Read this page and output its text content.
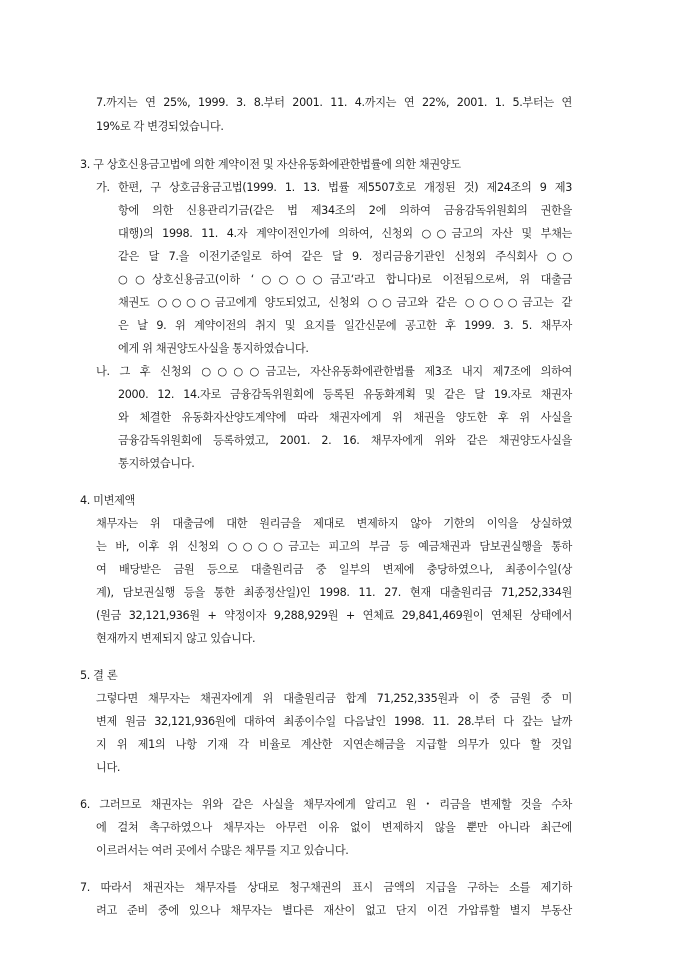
7.까지는 연 25%, 1999. 3. 8.부터 2001. 11. 4.까지는 연 22%, 2001. 1. 5.부터는 연
19%로 각 변경되었습니다.
3. 구 상호신용금고법에 의한 계약이전 및 자산유동화에관한법률에 의한 채권양도
가. 한편, 구 상호금융금고법(1999. 1. 13. 법률 제5507호로 개정된 것) 제24조의 9 제3
항에 의한 신용관리기금(같은 법 제34조의 2에 의하여 금융감독위원회의 권한을
대행)의 1998. 11. 4.자 계약이전인가에 의하여, 신청외 ○○금고의 자산 및 부채는
같은 달 7.을 이전기준일로 하여 같은 달 9. 정리금융기관인 신청외 주식회사 ○○
○○상호신용금고(이하 ‘○○○○금고‘라고 합니다)로 이전됨으로써, 위 대출금
채권도 ○○○○금고에게 양도되었고, 신청외 ○○금고와 같은 ○○○○금고는 같
은 날 9. 위 계약이전의 취지 및 요지를 일간신문에 공고한 후 1999. 3. 5. 채무자
에게 위 채권양도사실을 통지하였습니다.
나. 그 후 신청외 ○○○○금고는, 자산유동화에관한법률 제3조 내지 제7조에 의하여
2000. 12. 14.자로 금융감독위원회에 등록된 유동화계획 및 같은 달 19.자로 채권자
와 체결한 유동화자산양도계약에 따라 채권자에게 위 채권을 양도한 후 위 사실을
금융감독위원회에 등록하였고, 2001. 2. 16. 채무자에게 위와 같은 채권양도사실을
통지하였습니다.
4. 미변제액
채무자는 위 대출금에 대한 원리금을 제대로 변제하지 않아 기한의 이익을 상실하였
는 바, 이후 위 신청외 ○○○○금고는 피고의 부금 등 예금채권과 담보권실행을 통하
여 배당받은 금원 등으로 대출원리금 중 일부의 변제에 충당하였으나, 최종이수일(상
계), 담보권실행 등을 통한 최종정산일)인 1998. 11. 27. 현재 대출원리금 71,252,334원
(원금 32,121,936원 + 약정이자 9,288,929원 + 연체료 29,841,469원이 연체된 상태에서
현재까지 변제되지 않고 있습니다.
5. 결 론
그렇다면 채무자는 채권자에게 위 대출원리금 합계 71,252,335원과 이 중 금원 중 미
변제 원금 32,121,936원에 대하여 최종이수일 다음날인 1998. 11. 28.부터 다 갚는 날까
지 위 제1의 나항 기재 각 비율로 계산한 지연손해금을 지급할 의무가 있다 할 것입
니다.
6. 그러므로 채권자는 위와 같은 사실을 채무자에게 알리고 원・리금을 변제할 것을 수차
에 걸쳐 촉구하였으나 채무자는 아무런 이유 없이 변제하지 않을 뿐만 아니라 최근에
이르러서는 여러 곳에서 수많은 채무를 지고 있습니다.
7. 따라서 채권자는 채무자를 상대로 청구채권의 표시 금액의 지급을 구하는 소를 제기하
려고 준비 중에 있으나 채무자는 별다른 재산이 없고 단지 이건 가압류할 별지 부동산
